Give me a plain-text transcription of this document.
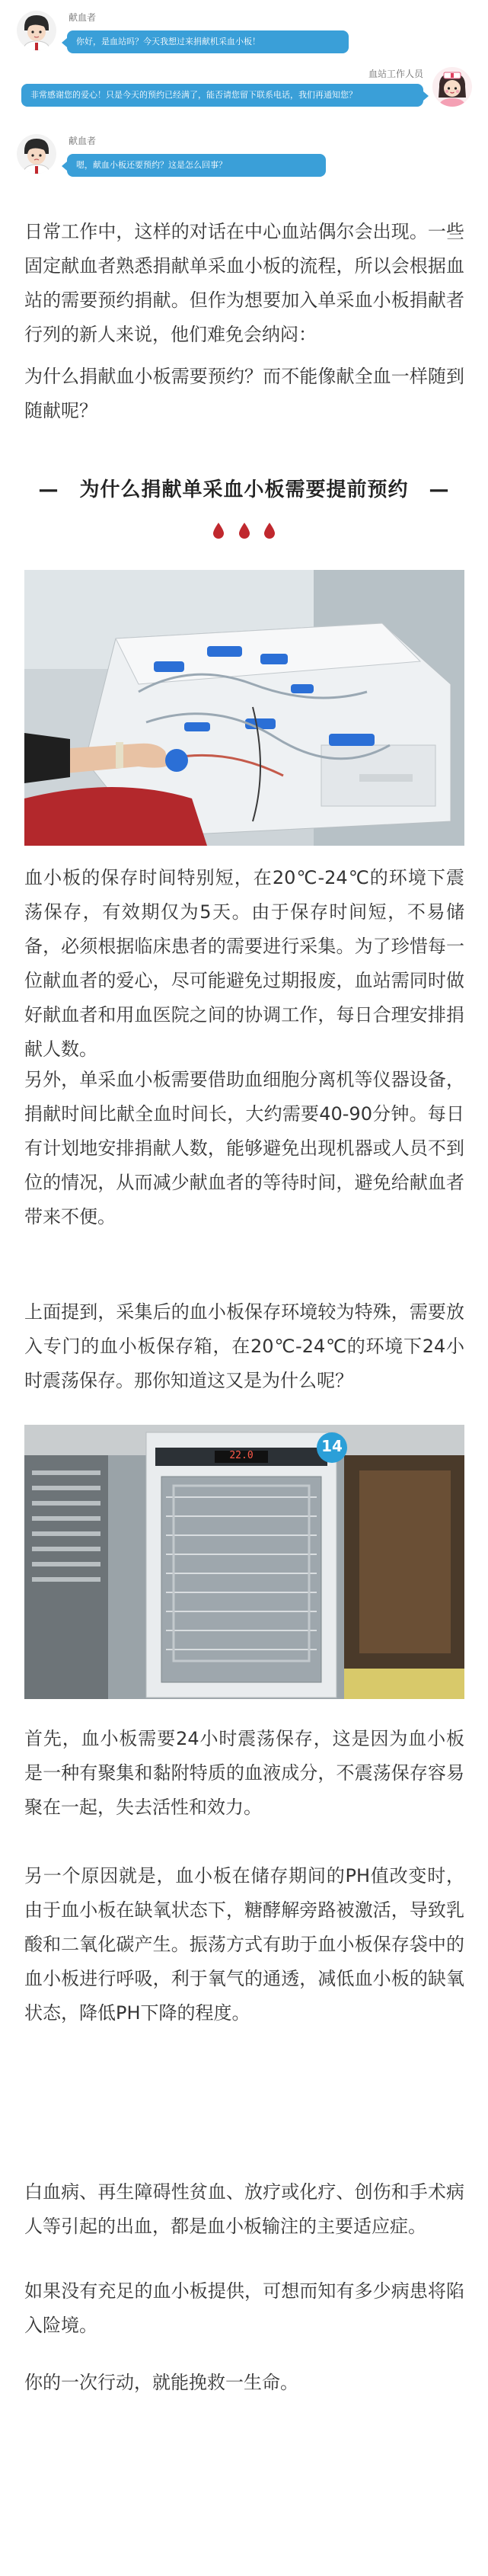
献血者
你好，是血站吗？今天我想过来捐献机采血小板！
血站工作人员
非常感谢您的爱心！只是今天的预约已经满了，能否请您留下联系电话，我们再通知您？
献血者
嗯，献血小板还要预约？这是怎么回事？

日常工作中，这样的对话在中心血站偶尔会出现。一些固定献血者熟悉捐献单采血小板的流程，所以会根据血站的需要预约捐献。但作为想要加入单采血小板捐献者行列的新人来说，他们难免会纳闷：

为什么捐献血小板需要预约？而不能像献全血一样随到随献呢？

—　为什么捐献单采血小板需要提前预约　—

血小板的保存时间特别短，在20℃-24℃的环境下震荡保存，有效期仅为5天。由于保存时间短，不易储备，必须根据临床患者的需要进行采集。为了珍惜每一位献血者的爱心，尽可能避免过期报废，血站需同时做好献血者和用血医院之间的协调工作，每日合理安排捐献人数。

另外，单采血小板需要借助血细胞分离机等仪器设备，捐献时间比献全血时间长，大约需要40-90分钟。每日有计划地安排捐献人数，能够避免出现机器或人员不到位的情况，从而减少献血者的等待时间，避免给献血者带来不便。

上面提到，采集后的血小板保存环境较为特殊，需要放入专门的血小板保存箱，在20℃-24℃的环境下24小时震荡保存。那你知道这又是为什么呢？

14
22.0

首先，血小板需要24小时震荡保存，这是因为血小板是一种有聚集和黏附特质的血液成分，不震荡保存容易聚在一起，失去活性和效力。

另一个原因就是，血小板在储存期间的PH值改变时，由于血小板在缺氧状态下，糖酵解旁路被激活，导致乳酸和二氧化碳产生。振荡方式有助于血小板保存袋中的血小板进行呼吸，利于氧气的通透，减低血小板的缺氧状态，降低PH下降的程度。

白血病、再生障碍性贫血、放疗或化疗、创伤和手术病人等引起的出血，都是血小板输注的主要适应症。

如果没有充足的血小板提供，可想而知有多少病患将陷入险境。

你的一次行动，就能挽救一生命。
